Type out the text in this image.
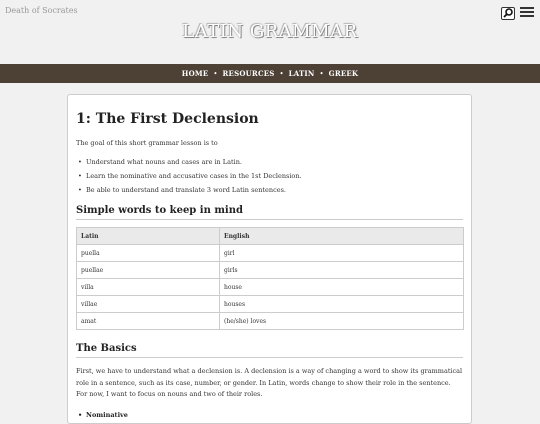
Death of Socrates
LATIN GRAMMAR
HOME • RESOURCES • LATIN • GREEK
1: The First Declension

The goal of this short grammar lesson is to

• Understand what nouns and cases are in Latin.
• Learn the nominative and accusative cases in the 1st Declension.
• Be able to understand and translate 3 word Latin sentences.
Simple words to keep in mind
Latin	English
puella	girl
puellae	girls
villa	house
villae	houses
amat	(he/she) loves
The Basics

First, we have to understand what a declension is. A declension is a way of changing a word to show its grammatical role in a sentence, such as its case, number, or gender. In Latin, words change to show their role in the sentence. For now, I want to focus on nouns and two of their roles.

• Nominative
